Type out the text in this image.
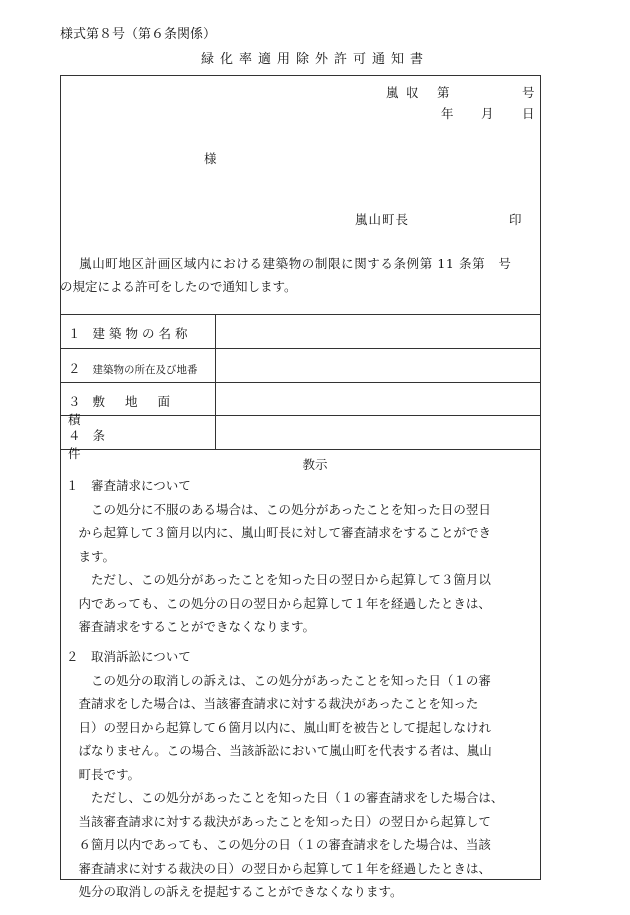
様式第８号（第６条関係）
緑化率適用除外許可通知書
嵐 収 第	号
年 月 日
様
嵐山町長	印
　嵐山町地区計画区域内における建築物の制限に関する条例第 11 条第　号
の規定による許可をしたので通知します。
１ 建築物の名称
２ 建築物の所在及び地番
３ 敷地面積
４ 条件
教示
１　審査請求について
　　この処分に不服のある場合は、この処分があったことを知った日の翌日
　から起算して３箇月以内に、嵐山町長に対して審査請求をすることができ
　ます。
　　ただし、この処分があったことを知った日の翌日から起算して３箇月以
　内であっても、この処分の日の翌日から起算して１年を経過したときは、
　審査請求をすることができなくなります。
２　取消訴訟について
　　この処分の取消しの訴えは、この処分があったことを知った日（１の審
　査請求をした場合は、当該審査請求に対する裁決があったことを知った
　日）の翌日から起算して６箇月以内に、嵐山町を被告として提起しなけれ
　ばなりません。この場合、当該訴訟において嵐山町を代表する者は、嵐山
　町長です。
　　ただし、この処分があったことを知った日（１の審査請求をした場合は、
　当該審査請求に対する裁決があったことを知った日）の翌日から起算して
　６箇月以内であっても、この処分の日（１の審査請求をした場合は、当該
　審査請求に対する裁決の日）の翌日から起算して１年を経過したときは、
　処分の取消しの訴えを提起することができなくなります。
